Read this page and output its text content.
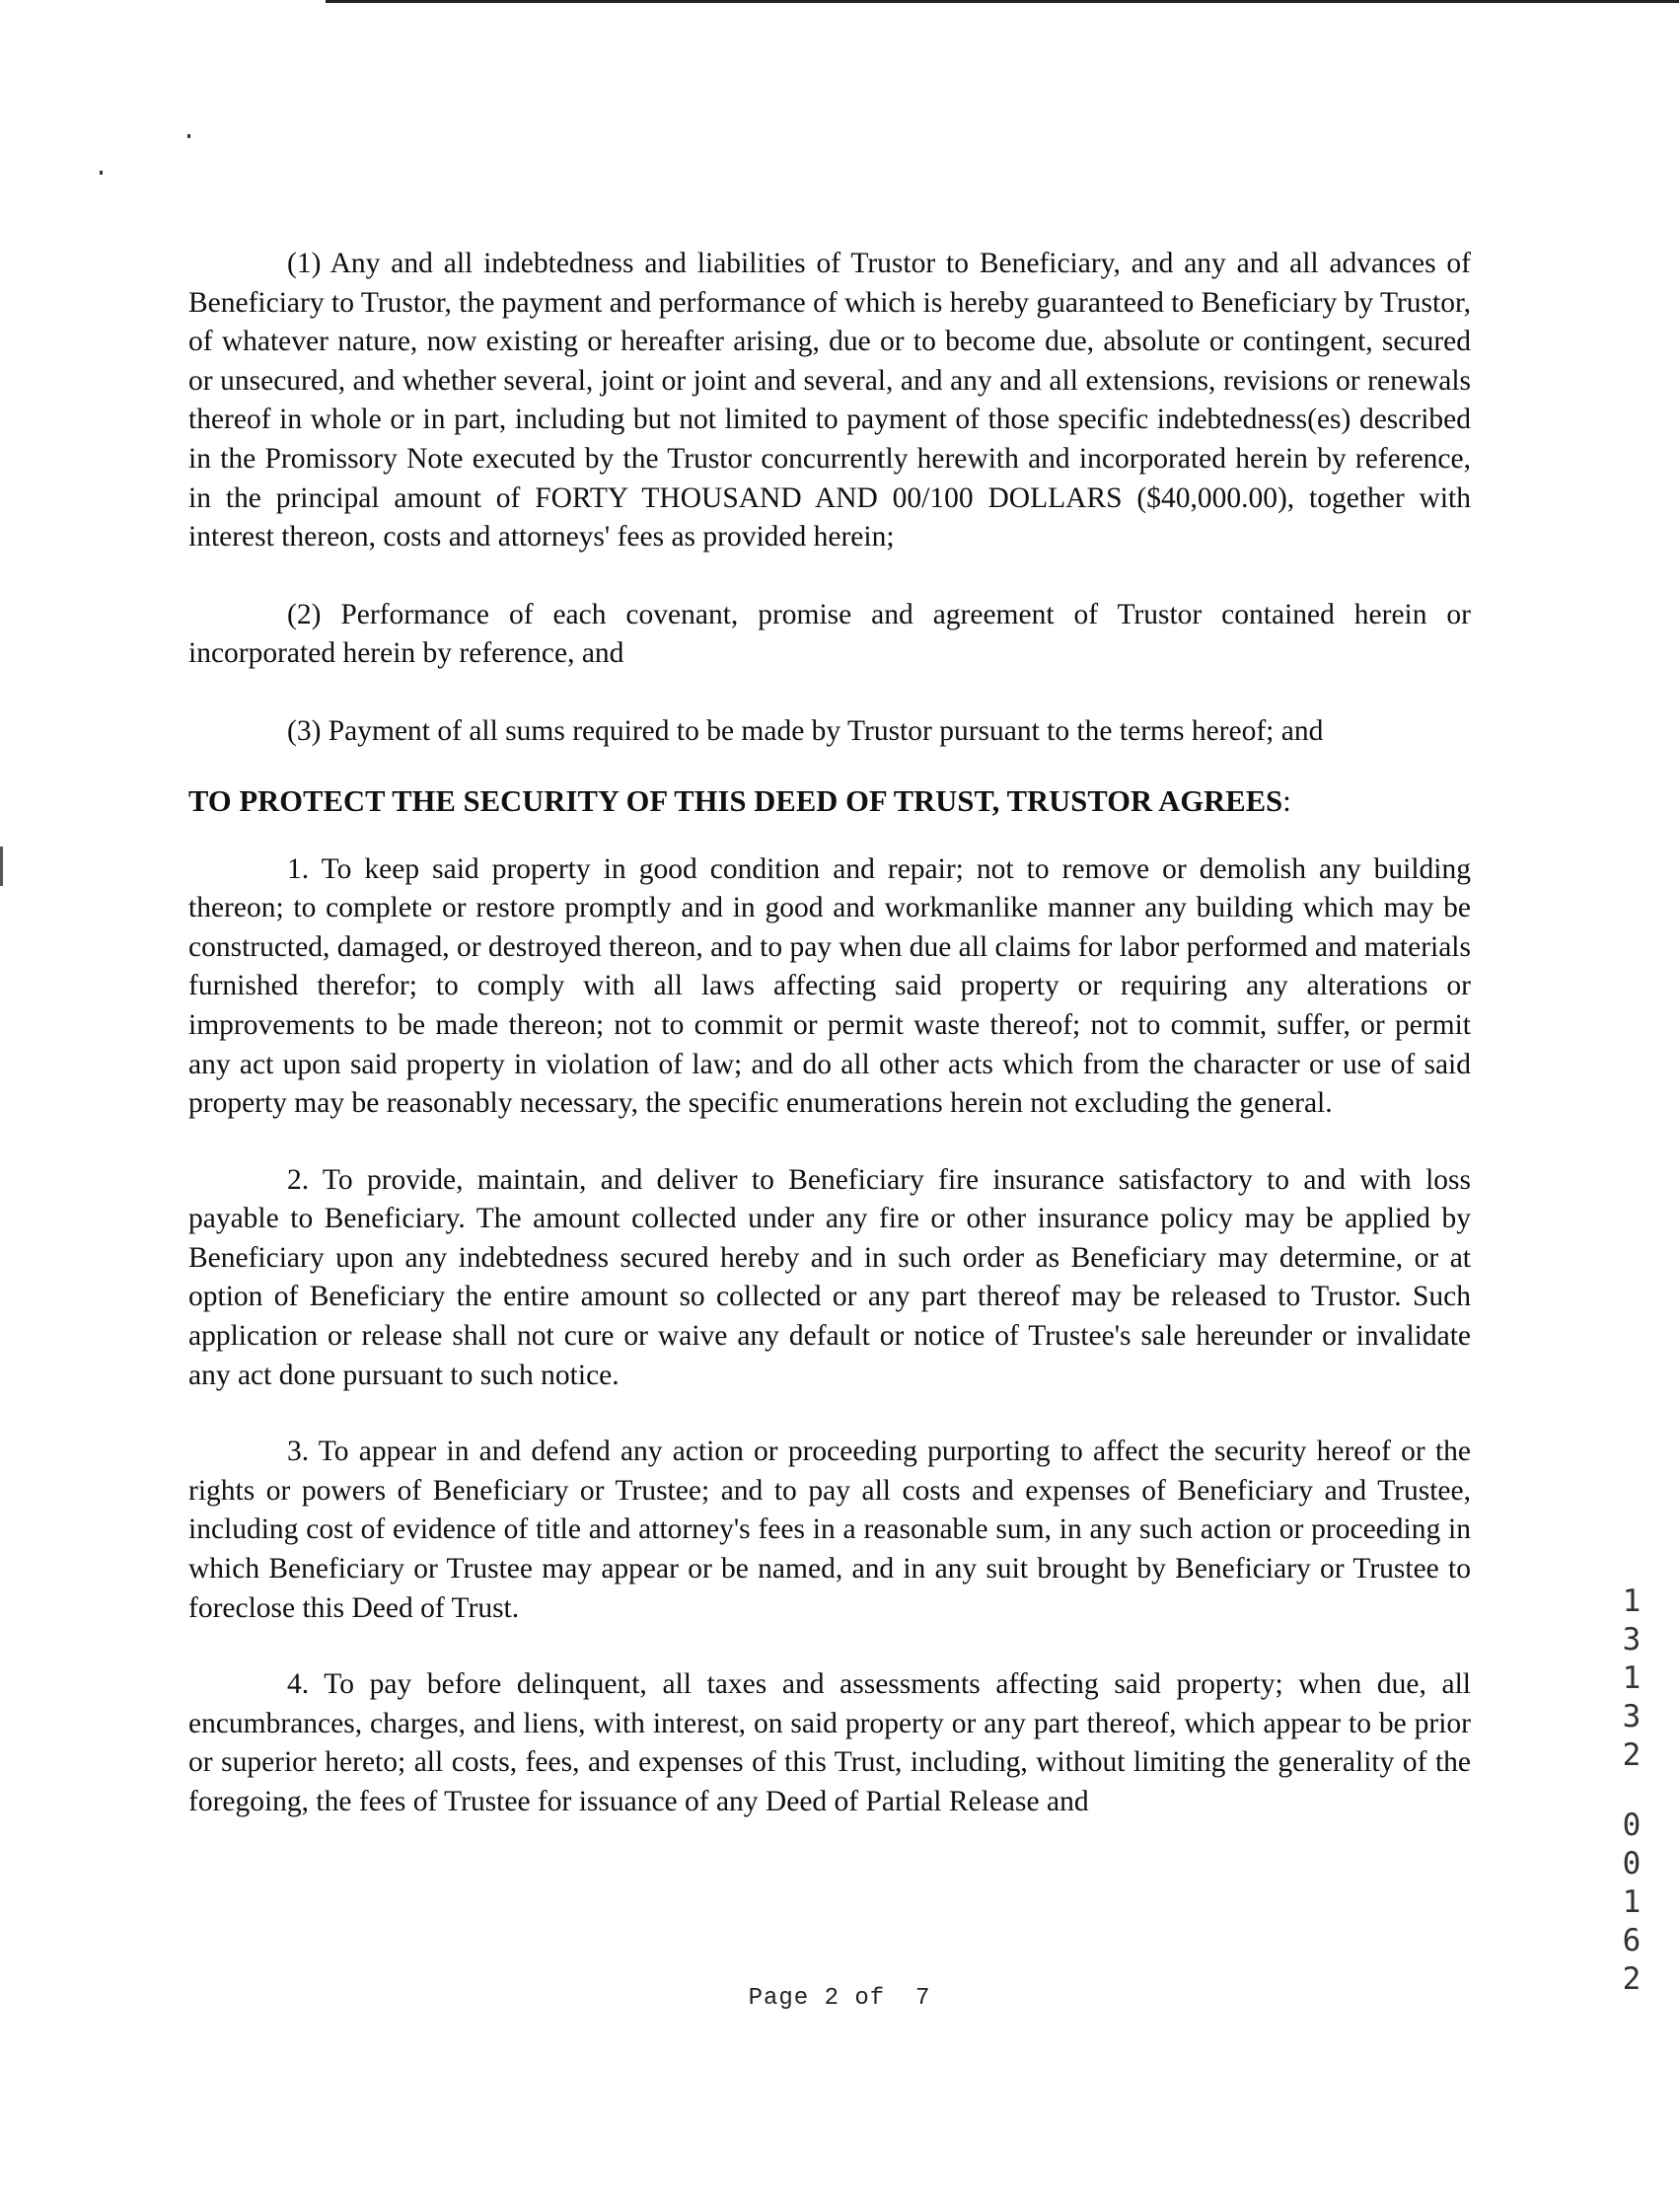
(1) Any and all indebtedness and liabilities of Trustor to Beneficiary, and any and all advances of Beneficiary to Trustor, the payment and performance of which is hereby guaranteed to Beneficiary by Trustor, of whatever nature, now existing or hereafter arising, due or to become due, absolute or contingent, secured or unsecured, and whether several, joint or joint and several, and any and all extensions, revisions or renewals thereof in whole or in part, including but not limited to payment of those specific indebtedness(es) described in the Promissory Note executed by the Trustor concurrently herewith and incorporated herein by reference, in the principal amount of FORTY THOUSAND AND 00/100 DOLLARS ($40,000.00), together with interest thereon, costs and attorneys' fees as provided herein;

(2) Performance of each covenant, promise and agreement of Trustor contained herein or incorporated herein by reference, and

(3) Payment of all sums required to be made by Trustor pursuant to the terms hereof; and

TO PROTECT THE SECURITY OF THIS DEED OF TRUST, TRUSTOR AGREES:

1. To keep said property in good condition and repair; not to remove or demolish any building thereon; to complete or restore promptly and in good and workmanlike manner any building which may be constructed, damaged, or destroyed thereon, and to pay when due all claims for labor performed and materials furnished therefor; to comply with all laws affecting said property or requiring any alterations or improvements to be made thereon; not to commit or permit waste thereof; not to commit, suffer, or permit any act upon said property in violation of law; and do all other acts which from the character or use of said property may be reasonably necessary, the specific enumerations herein not excluding the general.

2. To provide, maintain, and deliver to Beneficiary fire insurance satisfactory to and with loss payable to Beneficiary. The amount collected under any fire or other insurance policy may be applied by Beneficiary upon any indebtedness secured hereby and in such order as Beneficiary may determine, or at option of Beneficiary the entire amount so collected or any part thereof may be released to Trustor. Such application or release shall not cure or waive any default or notice of Trustee's sale hereunder or invalidate any act done pursuant to such notice.

3. To appear in and defend any action or proceeding purporting to affect the security hereof or the rights or powers of Beneficiary or Trustee; and to pay all costs and expenses of Beneficiary and Trustee, including cost of evidence of title and attorney's fees in a reasonable sum, in any such action or proceeding in which Beneficiary or Trustee may appear or be named, and in any suit brought by Beneficiary or Trustee to foreclose this Deed of Trust.

4. To pay before delinquent, all taxes and assessments affecting said property; when due, all encumbrances, charges, and liens, with interest, on said property or any part thereof, which appear to be prior or superior hereto; all costs, fees, and expenses of this Trust, including, without limiting the generality of the foregoing, the fees of Trustee for issuance of any Deed of Partial Release and

1
3
1
3
2
0
0
1
6
2
Page 2 of  7
